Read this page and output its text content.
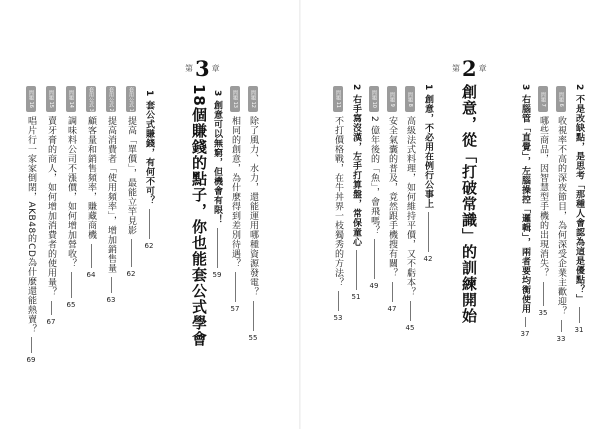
第 3 章
18個賺錢的點子，你也能套公式學會
問題 16
唱片行一家家倒閉，AKB48的CD為什麼還能熱賣？
69
問題 15
賣牙膏的商人，如何增加消費者的使用量？
67
問題 14
調味料公司不漲價，如何增加營收？
65
套用公式 3
顧客量和銷售頻率，賺藏商機
64
套用公式 2
提高消費者「使用頻率」，增加銷售量
63
套用公式 1
提高「單價」，最能立竿見影
62
1 套公式賺錢，有何不可？
62
問題 13
相同的創意，為什麼得到差別待遇？
57
問題 12
除了風力、水力，還能運用哪種資源發電？
55
3 創意可以無窮，但機會有限！
59
第 2 章
創意，從「打破常識」的訓練開始	2 不是改缺點，是思考「那種人會認為這是優點？」
31
問題 6
收視率不高的深夜節目，為何深受企業主歡迎？
33
問題 7
哪些商品，因智慧型手機的出現消失？
35
3 右腦管「直覺」，左腦操控「邏輯」，兩者要均衡使用
37
1 創意，不必用在例行公事上
42
問題 8
高級法式料理，如何維持平價，又不虧本？
45
問題 9
安全氣囊的普及，竟然跟手機搜有關？
47
問題 10
2 億年後的「魚」，會飛嗎？
49
2 右手寫沒漢，左手打算盤，常保童心
51
問題 11
不打價格戰，在牛丼界一枝獨秀的方法？
53
